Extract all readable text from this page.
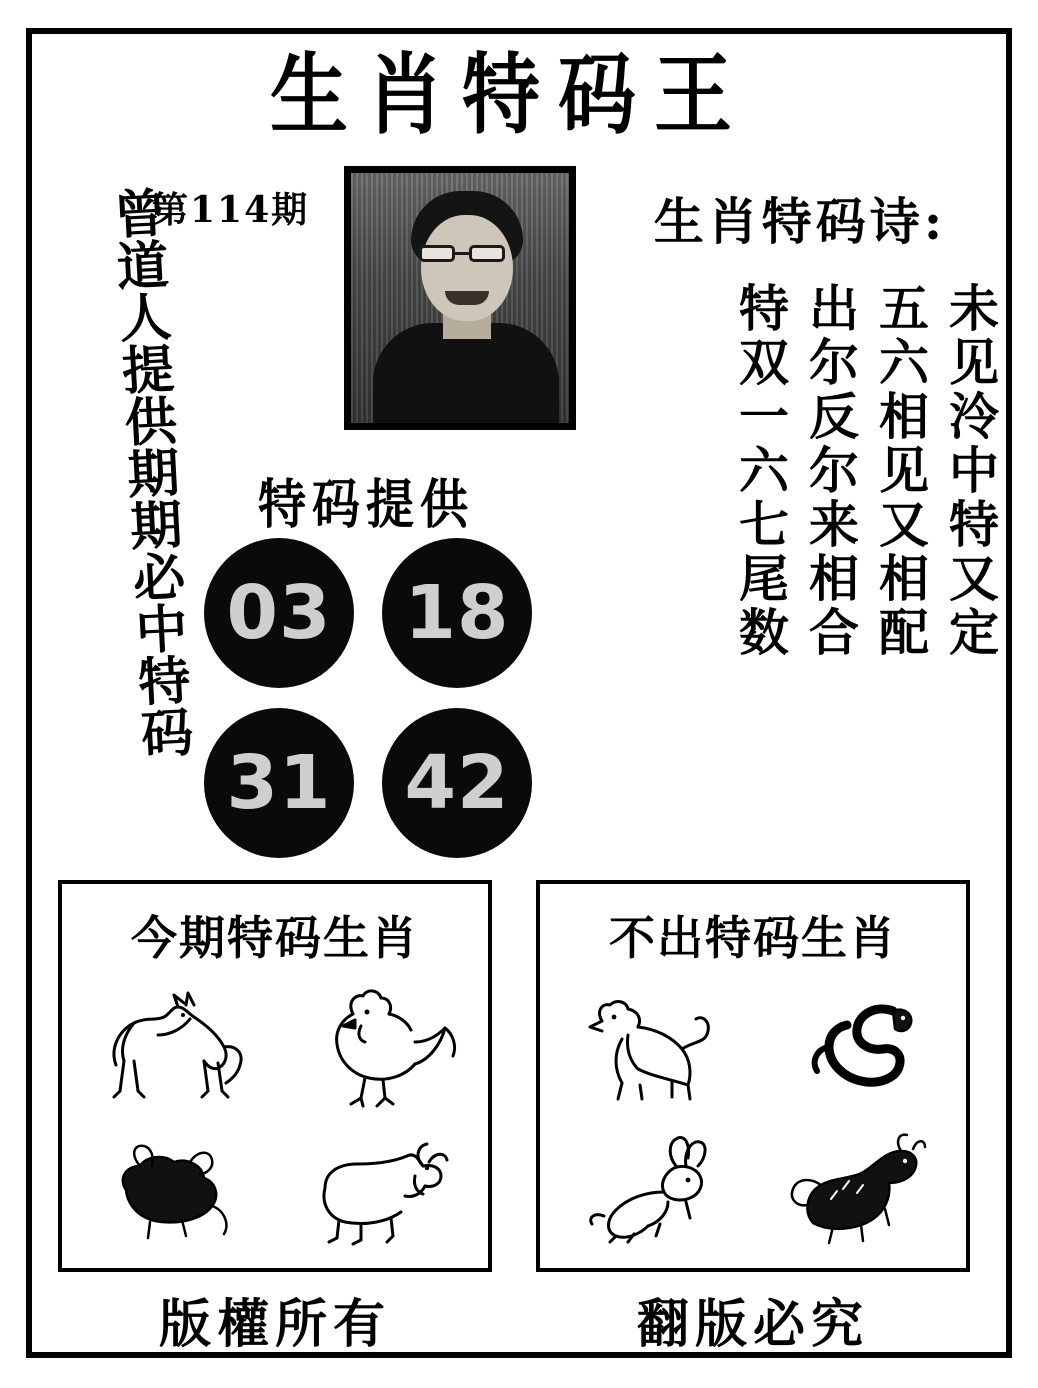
生肖特码王
第114期
曾道人提供期期必中特码	特码提供
03 18
31 42
生肖特码诗:
未见泠中特又定
五六相见又相配
出尔反尔来相合
特双一六七尾数
今期特码生肖	不出特码生肖
版權所有	翻版必究
